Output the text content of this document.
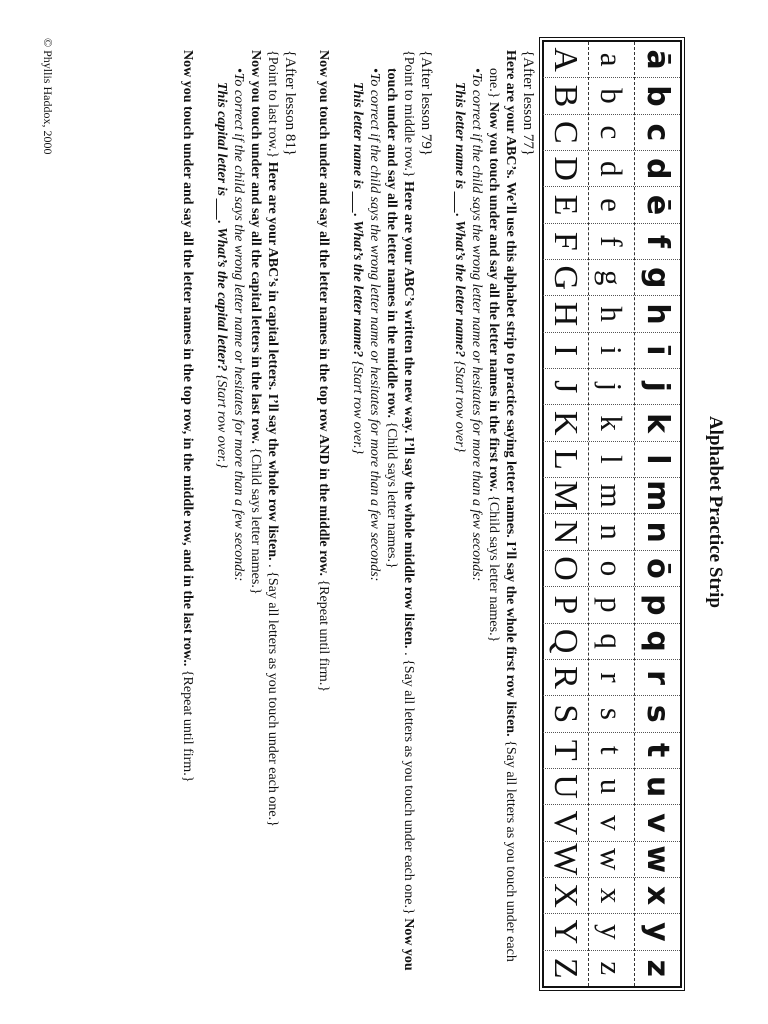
Alphabet Practice Strip
ā
b
c
d
ē
f
g
h
ī
j
k
l
m
n
ō
p
q
r
s
t
u
v
w
x
y
z
a
b
c
d
e
f
g
h
i
j
k
l
m
n
o
p
q
r
s
t
u
v
w
x
y
z
A
B
C
D
E
F
G
H
I
J
K
L
M
N
O
P
Q
R
S
T
U
V
W
X
Y
Z

{After lesson 77}

Here are your ABC’s. We’ll use this alphabet strip to practice saying letter names. I’ll say the whole first row listen. {Say all letters as you touch under each one.} Now you touch under and say all the letter names in the first row. {Child says letter names.}

•To correct if the child says the wrong letter name or hesitates for more than a few seconds:

This letter name is ___. What’s the letter name? {Start row over}

{After lesson 79}

{Point to middle row.} Here are your ABC’s written the new way. I’ll say the whole middle row listen. . {Say all letters as you touch under each one.} Now you touch under and say all the letter names in the middle row. {Child says letter names.}

•To correct if the child says the wrong letter name or hesitates for more than a few seconds:

This letter name is ___. What’s the letter name? {Start row over.}

Now you touch under and say all the letter names in the top row AND in the middle row. {Repeat until firm.}

{After lesson 81}

{Point to last row.} Here are your ABC’s in capital letters. I’ll say the whole row listen. . {Say all letters as you touch under each one.}
Now you touch under and say all the capital letters in the last row. {Child says letter names.}

•To correct if the child says the wrong letter name or hesitates for more than a few seconds:

This capital letter is ___. What’s the capital letter? {Start row over.}

Now you touch under and say all the letter names in the top row, in the middle row, and in the last row.. {Repeat until firm.}

© Phyllis Haddox, 2000
